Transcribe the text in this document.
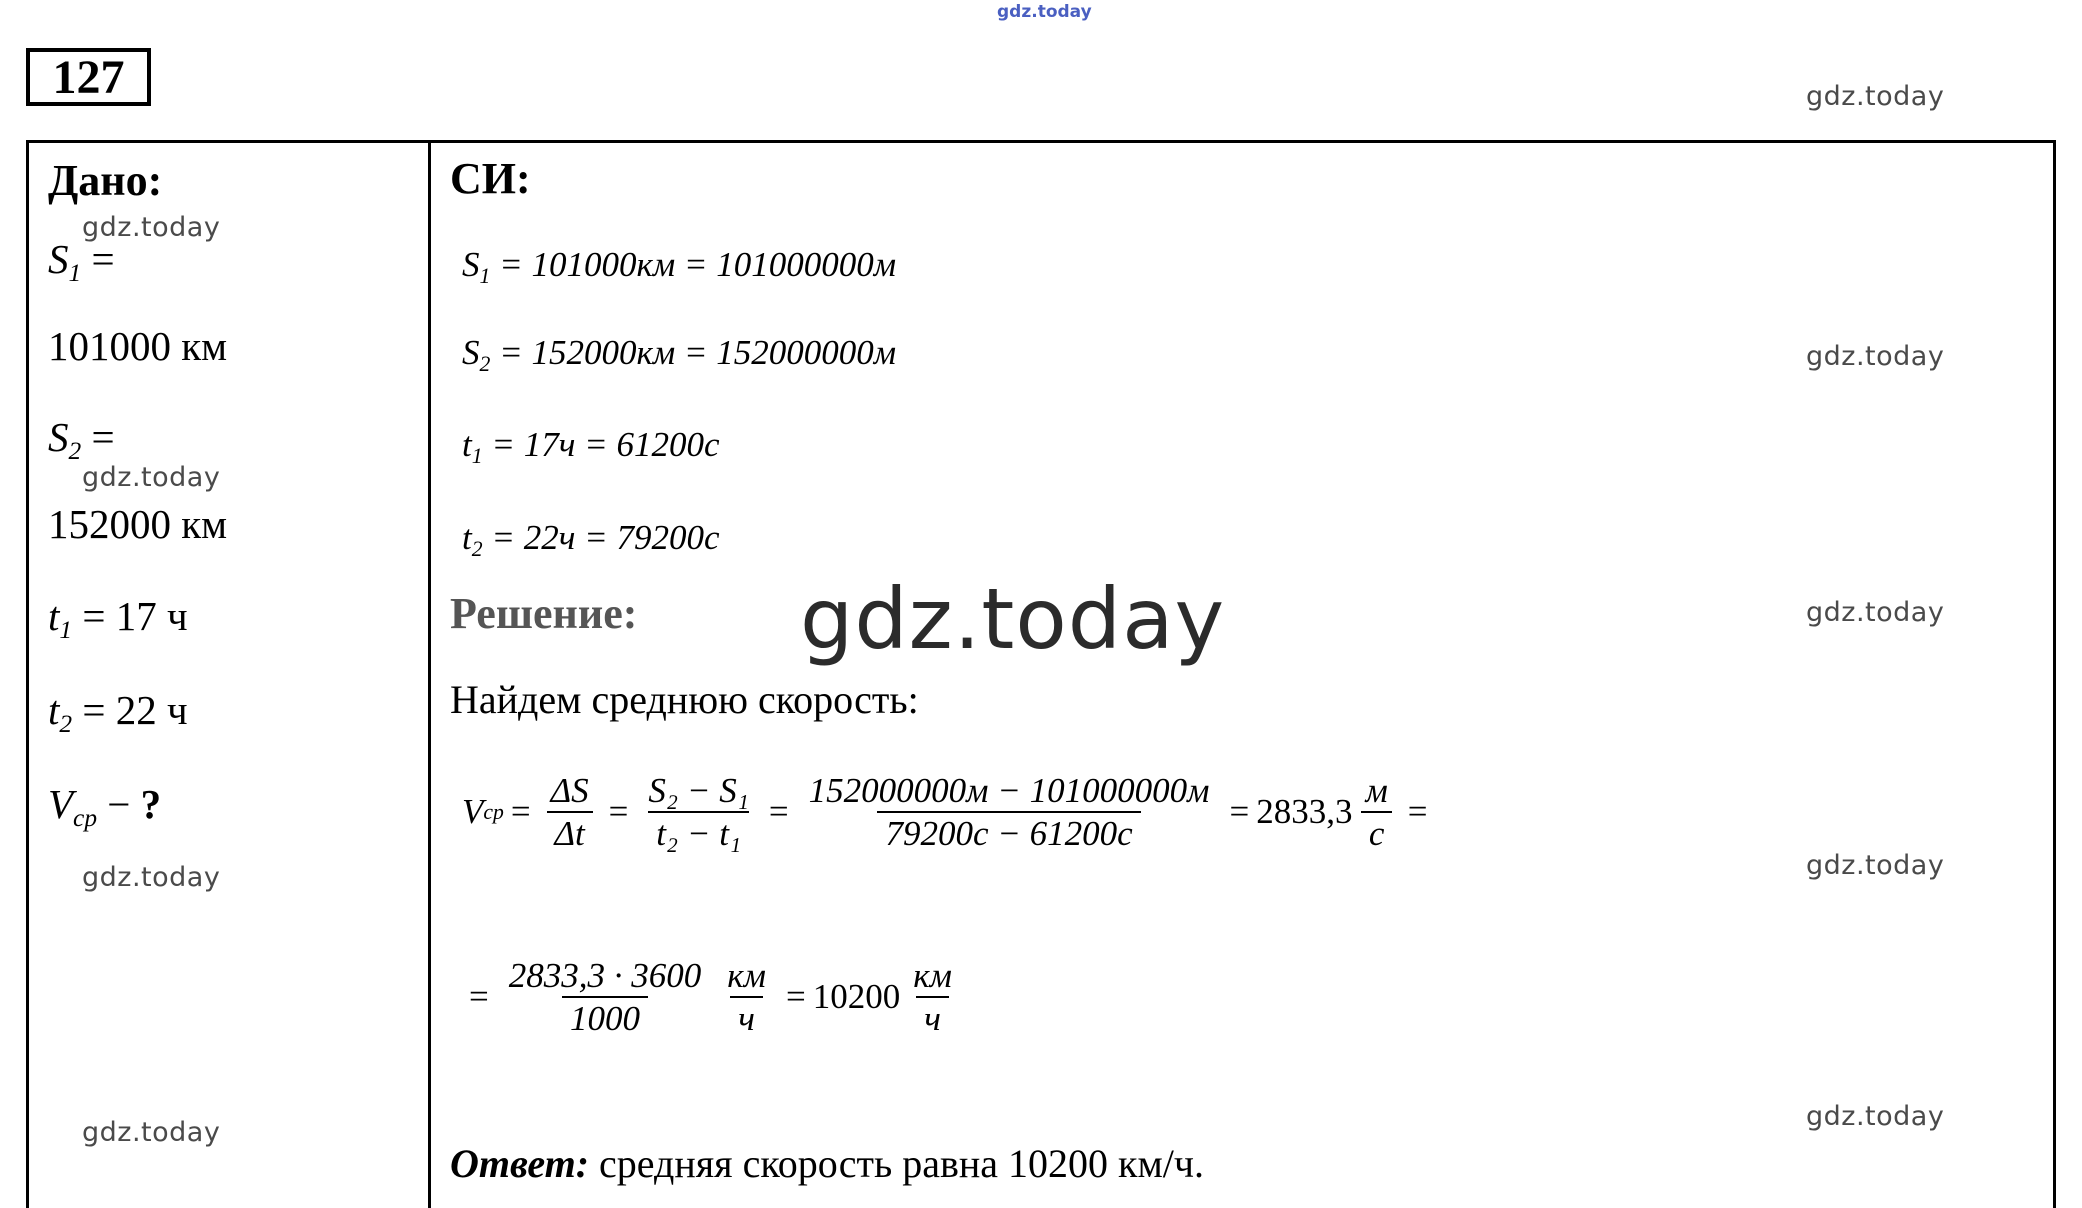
gdz.today
gdz.today
gdz.today
gdz.today
gdz.today
gdz.today
gdz.today
gdz.today
gdz.today
gdz.today
127
Дано:
$S_1$ =
101000 км
$S_2$ =
152000 км
$t_1 = 17$ ч
$t_2 = 22$ ч
$V_{ср}$ − ?
СИ:
$S_1 = 101000км = 101000000м$
$S_2 = 152000км = 152000000м$
$t_1 = 17ч = 61200с$
$t_2 = 22ч = 79200с$
Решение:
Найдем среднюю скорость:
V ср = $\frac{\Delta S}{\Delta t} = \frac{\text{S₂ − S₁}}{\text{t₂ − t₁}} = \frac{152000000м - 101000000м}{79200с - 61200с} = 2833,3 \frac{м}{с}$ =
= $\frac{2833,3 \cdot 3600}{1000} \frac{км}{ч} = 10200 \frac{км}{ч}$
Ответ: средняя скорость равна 10200 км/ч.
gdz.today
